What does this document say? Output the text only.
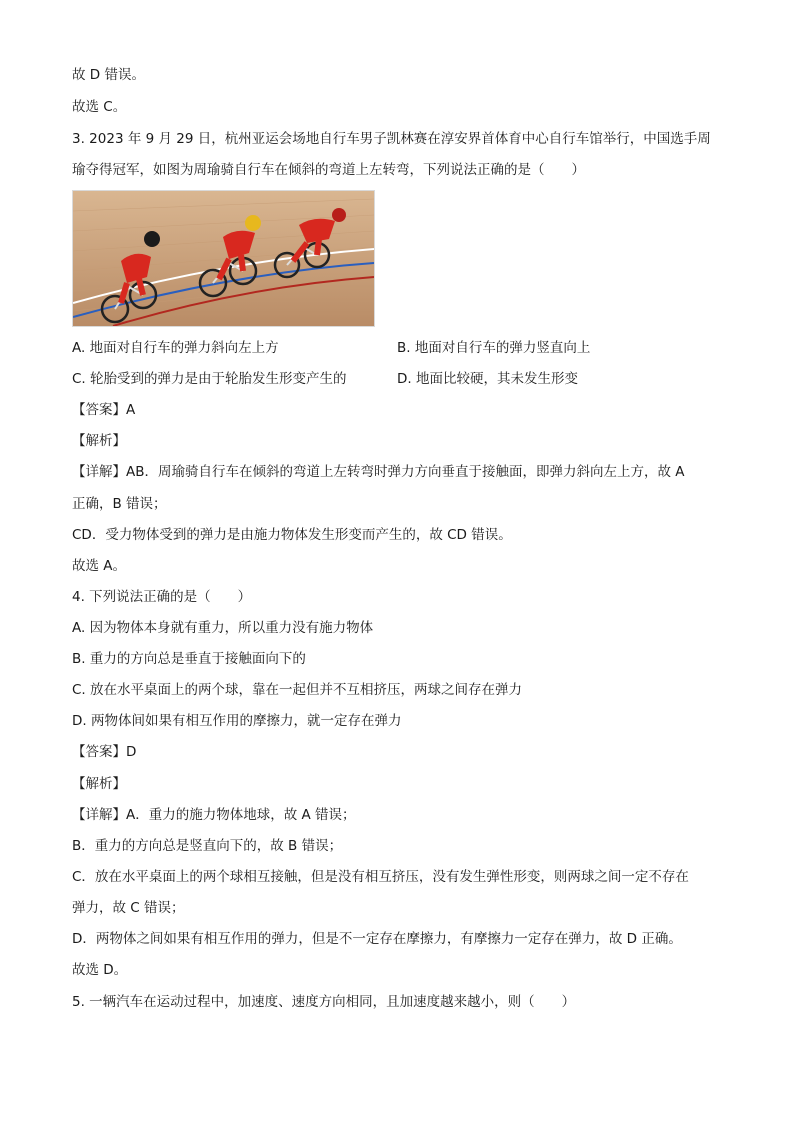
故 D 错误。
故选 C。
3. 2023 年 9 月 29 日，杭州亚运会场地自行车男子凯林赛在淳安界首体育中心自行车馆举行，中国选手周
瑜夺得冠军，如图为周瑜骑自行车在倾斜的弯道上左转弯，下列说法正确的是（　　）
A. 地面对自行车的弹力斜向左上方	B. 地面对自行车的弹力竖直向上
C. 轮胎受到的弹力是由于轮胎发生形变产生的	D. 地面比较硬，其未发生形变
【答案】A
【解析】
【详解】AB．周瑜骑自行车在倾斜的弯道上左转弯时弹力方向垂直于接触面，即弹力斜向左上方，故 A
正确，B 错误；
CD．受力物体受到的弹力是由施力物体发生形变而产生的，故 CD 错误。
故选 A。
4. 下列说法正确的是（　　）
A. 因为物体本身就有重力，所以重力没有施力物体
B. 重力的方向总是垂直于接触面向下的
C. 放在水平桌面上的两个球，靠在一起但并不互相挤压，两球之间存在弹力
D. 两物体间如果有相互作用的摩擦力，就一定存在弹力
【答案】D
【解析】
【详解】A．重力的施力物体地球，故 A 错误；
B．重力的方向总是竖直向下的，故 B 错误；
C．放在水平桌面上的两个球相互接触，但是没有相互挤压，没有发生弹性形变，则两球之间一定不存在
弹力，故 C 错误；
D．两物体之间如果有相互作用的弹力，但是不一定存在摩擦力，有摩擦力一定存在弹力，故 D 正确。
故选 D。
5. 一辆汽车在运动过程中，加速度、速度方向相同，且加速度越来越小，则（　　）
